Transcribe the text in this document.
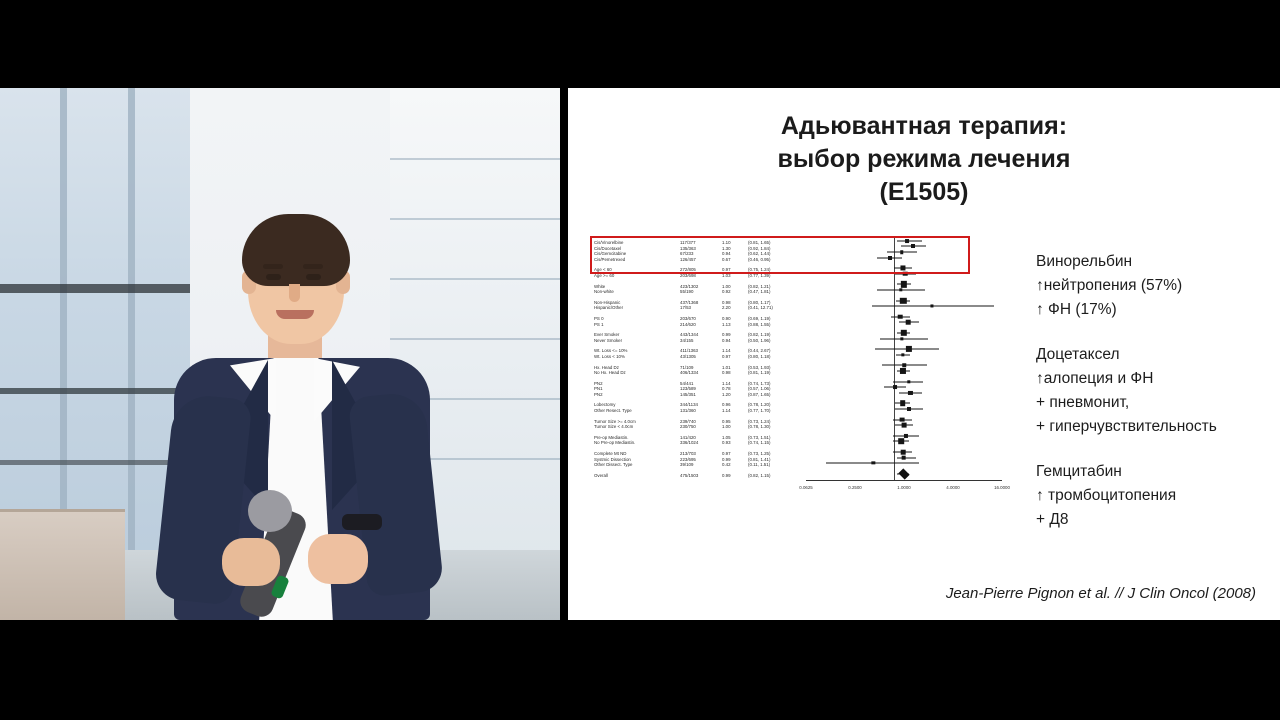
Адьювантная терапия:
выбор режима лечения
(E1505)
Cis/Vinorelbine	117/377	1.10	(0.81, 1.65)
Cis/Docetaxel	135/363	1.30	(0.92, 1.84)
Cis/Gemcitabine	67/233	0.94	(0.62, 1.44)
Cis/Pemetrexed	126/457	0.67	(0.46, 0.95)
Age < 60	272/805	0.97	(0.75, 1.24)
Age >= 60	203/698	1.03	(0.77, 1.39)
White	423/1302	1.00	(0.82, 1.21)
Non-white	55/190	0.92	(0.47, 1.81)
Non-Hispanic	437/1368	0.98	(0.80, 1.17)
Hispanic/Other	17/53	2.20	(0.41, 12.71)
PS 0	203/670	0.90	(0.69, 1.19)
PS 1	214/620	1.13	(0.88, 1.55)
Ever Smoker	443/1344	0.99	(0.82, 1.19)
Never Smoker	34/155	0.94	(0.50, 1.96)
Wt. Loss <= 10%	411/1363	1.14	(0.44, 2.67)
Wt. Loss < 10%	43/1305	0.97	(0.80, 1.18)
Hx. Head Dz	71/109	1.01	(0.53, 1.93)
No Hx. Head Dz	406/1334	0.98	(0.81, 1.19)
PN2	54/441	1.14	(0.74, 1.73)
PN1	123/589	0.78	(0.57, 1.06)
PN2	145/351	1.20	(0.87, 1.65)
Lobectomy	344/1134	0.96	(0.78, 1.20)
Other Resect. Type	131/360	1.14	(0.77, 1.70)
Tumor Size >= 4.0cm	239/740	0.95	(0.73, 1.24)
Tumor Size < 4.0cm	230/750	1.00	(0.78, 1.30)
Pre-op Mediastin.	141/420	1.05	(0.73, 1.51)
No Pre-op Mediastin.	336/1024	0.93	(0.74, 1.15)
Complete Mt ND	213/703	0.97	(0.73, 1.25)
Systmic Dissection	223/695	0.99	(0.81, 1.41)
Other Dissect. Type	39/109	0.42	(0.11, 1.51)
Overall	475/1503	0.99	(0.82, 1.15)
0.0625	0.2500	1.0000	4.0000	16.0000
Винорельбин
↑нейтропения (57%)
↑ ФН (17%)
Доцетаксел
↑алопеция и ФН
+ пневмонит,
+ гиперчувствительность
Гемцитабин
↑ тромбоцитопения
+ Д8
Jean-Pierre Pignon et al. // J Clin Oncol (2008)
